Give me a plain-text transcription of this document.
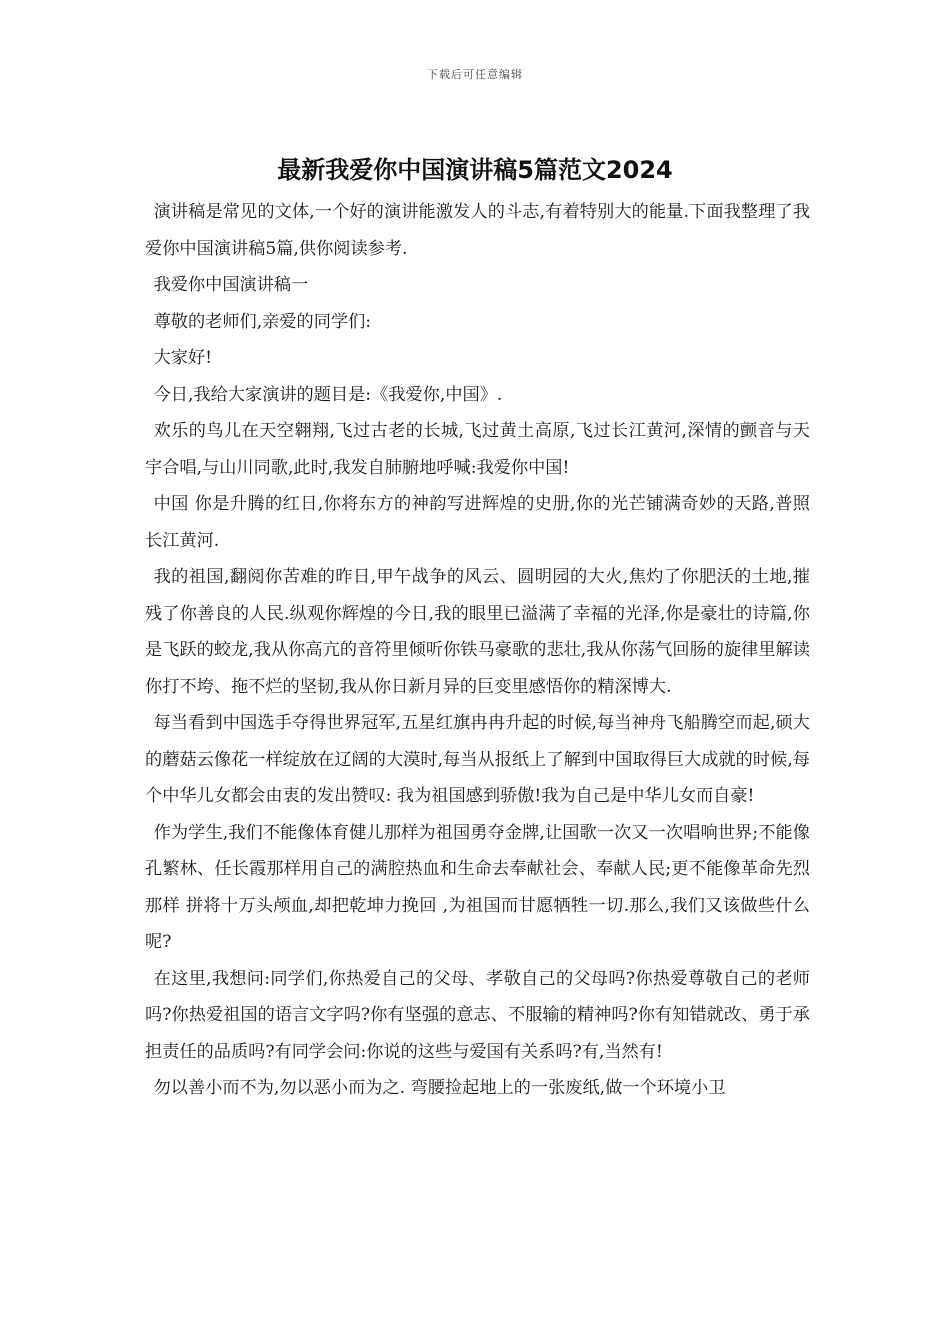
下载后可任意编辑
最新我爱你中国演讲稿5篇范文2024

演讲稿是常见的文体,一个好的演讲能激发人的斗志,有着特别大的能量.下面我整理了我爱你中国演讲稿5篇,供你阅读参考.

我爱你中国演讲稿一

尊敬的老师们,亲爱的同学们:

大家好!

今日,我给大家演讲的题目是:《我爱你,中国》.

欢乐的鸟儿在天空翱翔,飞过古老的长城,飞过黄土高原,飞过长江黄河,深情的颤音与天宇合唱,与山川同歌,此时,我发自肺腑地呼喊:我爱你中国!

中国 你是升腾的红日,你将东方的神韵写进辉煌的史册,你的光芒铺满奇妙的天路,普照长江黄河.

我的祖国,翻阅你苦难的昨日,甲午战争的风云、圆明园的大火,焦灼了你肥沃的土地,摧残了你善良的人民.纵观你辉煌的今日,我的眼里已溢满了幸福的光泽,你是豪壮的诗篇,你是飞跃的蛟龙,我从你高亢的音符里倾听你铁马豪歌的悲壮,我从你荡气回肠的旋律里解读你打不垮、拖不烂的坚韧,我从你日新月异的巨变里感悟你的精深博大.

每当看到中国选手夺得世界冠军,五星红旗冉冉升起的时候,每当神舟飞船腾空而起,硕大的蘑菇云像花一样绽放在辽阔的大漠时,每当从报纸上了解到中国取得巨大成就的时候,每个中华儿女都会由衷的发出赞叹: 我为祖国感到骄傲!我为自己是中华儿女而自豪!

作为学生,我们不能像体育健儿那样为祖国勇夺金牌,让国歌一次又一次唱响世界;不能像孔繁林、任长霞那样用自己的满腔热血和生命去奉献社会、奉献人民;更不能像革命先烈那样 拼将十万头颅血,却把乾坤力挽回 ,为祖国而甘愿牺牲一切.那么,我们又该做些什么呢?

在这里,我想问:同学们,你热爱自己的父母、孝敬自己的父母吗?你热爱尊敬自己的老师吗?你热爱祖国的语言文字吗?你有坚强的意志、不服输的精神吗?你有知错就改、勇于承担责任的品质吗?有同学会问:你说的这些与爱国有关系吗?有,当然有!

勿以善小而不为,勿以恶小而为之. 弯腰捡起地上的一张废纸,做一个环境小卫
